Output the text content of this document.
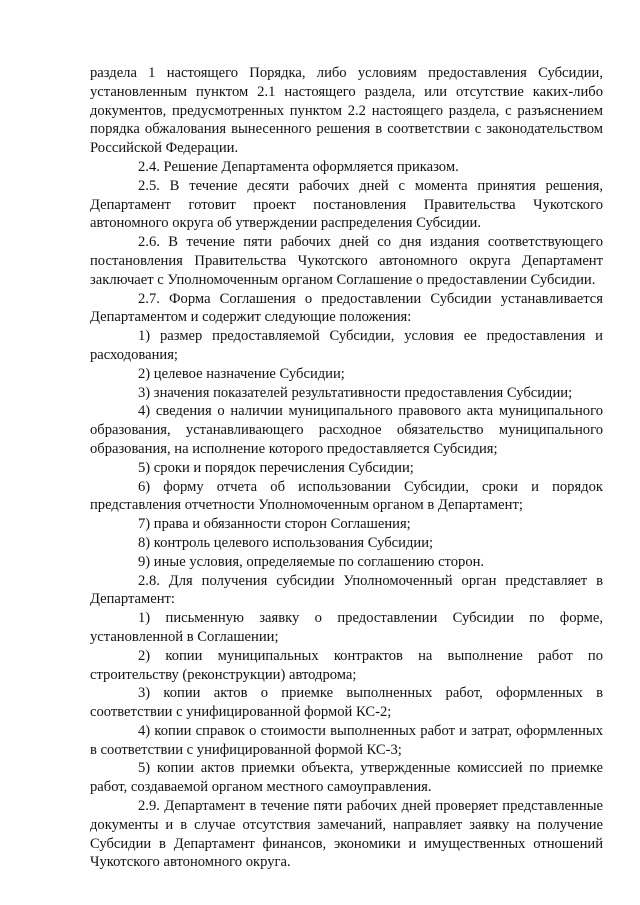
раздела 1 настоящего Порядка, либо условиям предоставления Субсидии, установленным пунктом 2.1 настоящего раздела, или отсутствие каких-либо документов, предусмотренных пунктом 2.2 настоящего раздела, с разъяснением порядка обжалования вынесенного решения в соответствии с законодательством Российской Федерации.

2.4. Решение Департамента оформляется приказом.

2.5. В течение десяти рабочих дней с момента принятия решения, Департамент готовит проект постановления Правительства Чукотского автономного округа об утверждении распределения Субсидии.

2.6. В течение пяти рабочих дней со дня издания соответствующего постановления Правительства Чукотского автономного округа Департамент заключает с Уполномоченным органом Соглашение о предоставлении Субсидии.

2.7. Форма Соглашения о предоставлении Субсидии устанавливается Департаментом и содержит следующие положения:

1) размер предоставляемой Субсидии, условия ее предоставления и расходования;

2) целевое назначение Субсидии;

3) значения показателей результативности предоставления Субсидии;

4) сведения о наличии муниципального правового акта муниципального образования, устанавливающего расходное обязательство муниципального образования, на исполнение которого предоставляется Субсидия;

5) сроки и порядок перечисления Субсидии;

6) форму отчета об использовании Субсидии, сроки и порядок представления отчетности Уполномоченным органом в Департамент;

7) права и обязанности сторон Соглашения;

8) контроль целевого использования Субсидии;

9) иные условия, определяемые по соглашению сторон.

2.8. Для получения субсидии Уполномоченный орган представляет в Департамент:

1) письменную заявку о предоставлении Субсидии по форме, установленной в Соглашении;

2) копии муниципальных контрактов на выполнение работ по строительству (реконструкции) автодрома;

3) копии актов о приемке выполненных работ, оформленных в соответствии с унифицированной формой КС-2;

4) копии справок о стоимости выполненных работ и затрат, оформленных в соответствии с унифицированной формой КС-3;

5) копии актов приемки объекта, утвержденные комиссией по приемке работ, создаваемой органом местного самоуправления.

2.9. Департамент в течение пяти рабочих дней проверяет представленные документы и в случае отсутствия замечаний, направляет заявку на получение Субсидии в Департамент финансов, экономики и имущественных отношений Чукотского автономного округа.
